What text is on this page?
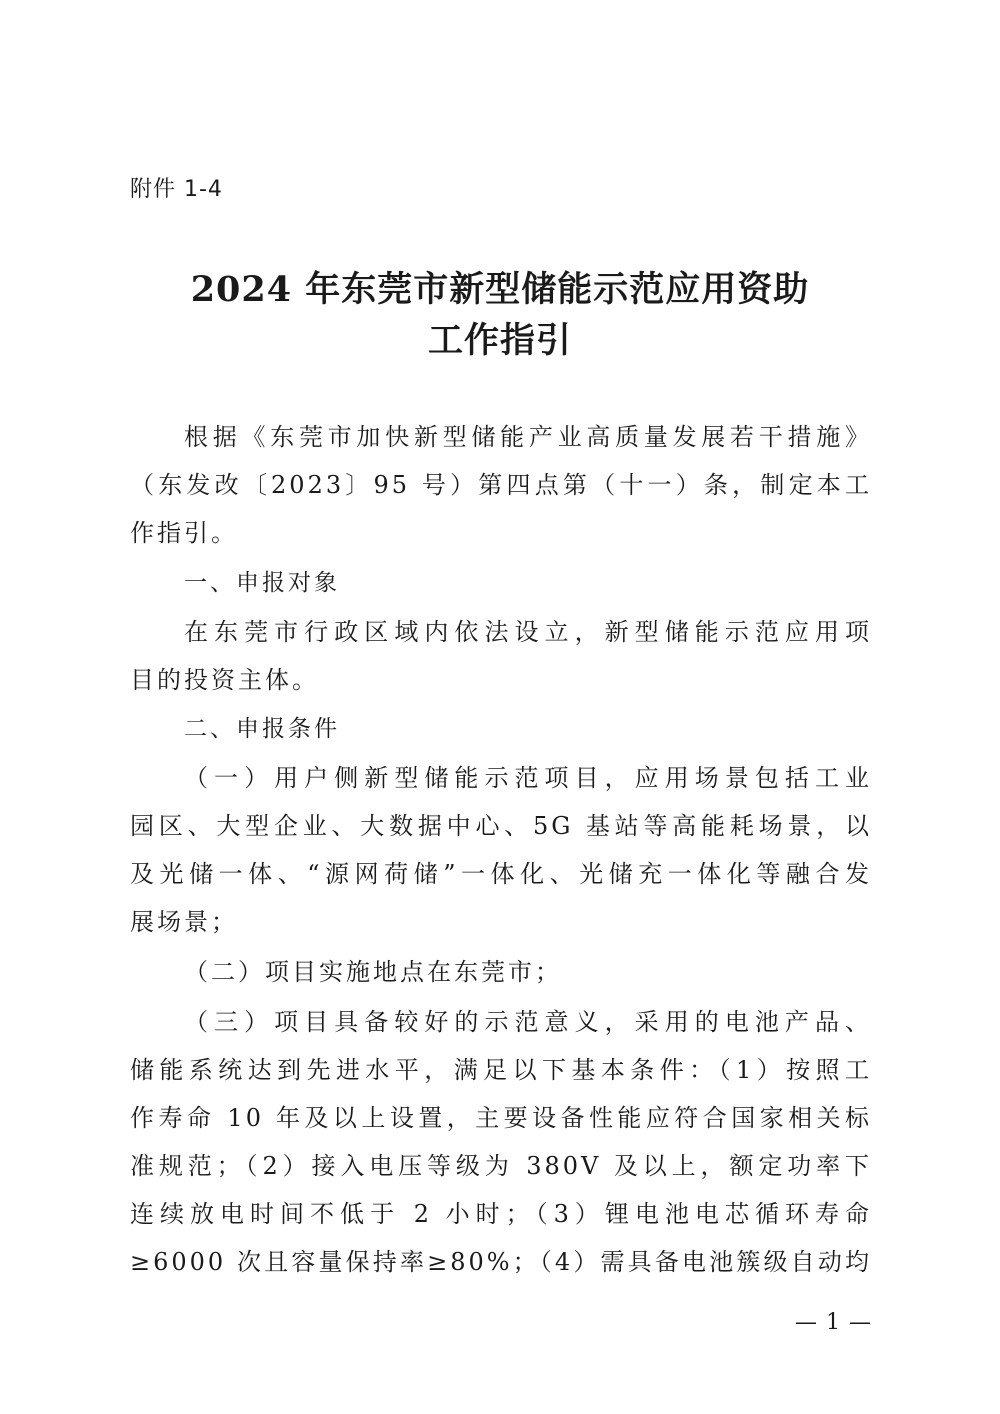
附件 1-4
2024 年东莞市新型储能示范应用资助
工作指引
根据《东莞市加快新型储能产业高质量发展若干措施》
（东发改〔2023〕95 号）第四点第（十一）条，制定本工
作指引。
一、申报对象
在东莞市行政区域内依法设立，新型储能示范应用项
目的投资主体。
二、申报条件
（一）用户侧新型储能示范项目，应用场景包括工业
园区、大型企业、大数据中心、5G 基站等高能耗场景，以
及光储一体、“源网荷储”一体化、光储充一体化等融合发
展场景；
（二）项目实施地点在东莞市；
（三）项目具备较好的示范意义，采用的电池产品、
储能系统达到先进水平，满足以下基本条件：（1）按照工
作寿命 10 年及以上设置，主要设备性能应符合国家相关标
准规范；（2）接入电压等级为 380V 及以上，额定功率下
连续放电时间不低于 2 小时；（3）锂电池电芯循环寿命
≥6000 次且容量保持率≥80%；（4）需具备电池簇级自动均
— 1 —
